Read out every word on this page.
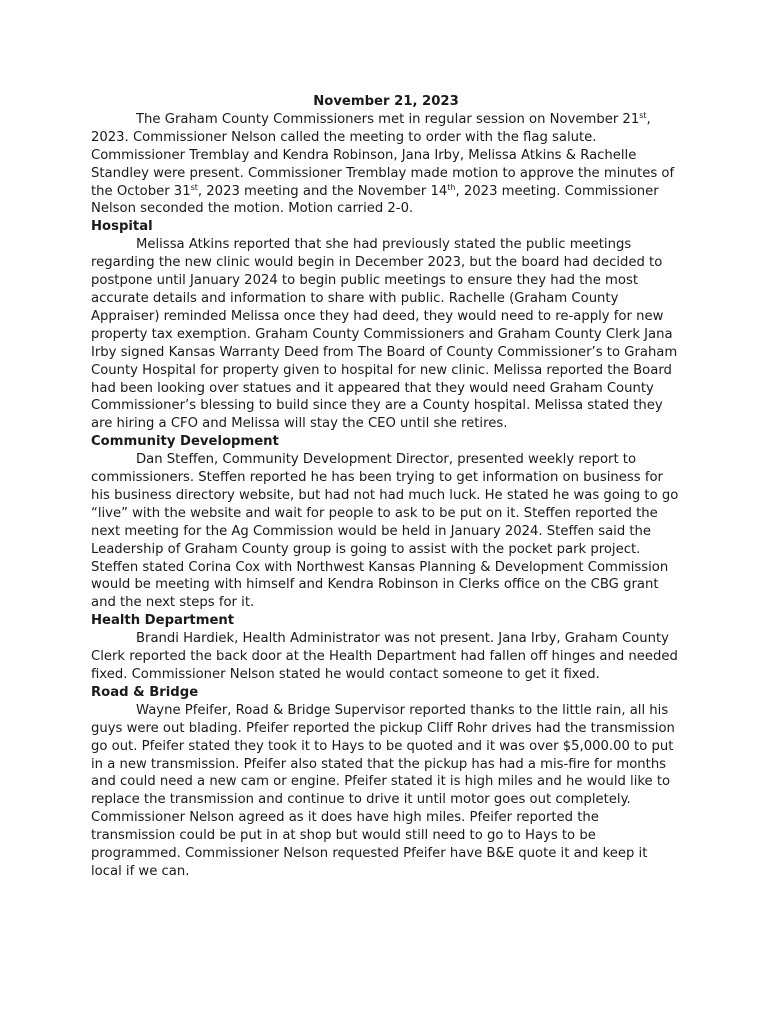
November 21, 2023

The Graham County Commissioners met in regular session on November 21st, 2023. Commissioner Nelson called the meeting to order with the flag salute. Commissioner Tremblay and Kendra Robinson, Jana Irby, Melissa Atkins & Rachelle Standley were present. Commissioner Tremblay made motion to approve the minutes of the October 31st, 2023 meeting and the November 14th, 2023 meeting. Commissioner Nelson seconded the motion. Motion carried 2-0.

Hospital

Melissa Atkins reported that she had previously stated the public meetings regarding the new clinic would begin in December 2023, but the board had decided to postpone until January 2024 to begin public meetings to ensure they had the most accurate details and information to share with public. Rachelle (Graham County Appraiser) reminded Melissa once they had deed, they would need to re-apply for new property tax exemption. Graham County Commissioners and Graham County Clerk Jana Irby signed Kansas Warranty Deed from The Board of County Commissioner’s to Graham County Hospital for property given to hospital for new clinic. Melissa reported the Board had been looking over statues and it appeared that they would need Graham County Commissioner’s blessing to build since they are a County hospital. Melissa stated they are hiring a CFO and Melissa will stay the CEO until she retires.

Community Development

Dan Steffen, Community Development Director, presented weekly report to commissioners. Steffen reported he has been trying to get information on business for his business directory website, but had not had much luck. He stated he was going to go “live” with the website and wait for people to ask to be put on it. Steffen reported the next meeting for the Ag Commission would be held in January 2024. Steffen said the Leadership of Graham County group is going to assist with the pocket park project. Steffen stated Corina Cox with Northwest Kansas Planning & Development Commission would be meeting with himself and Kendra Robinson in Clerks office on the CBG grant and the next steps for it.

Health Department

Brandi Hardiek, Health Administrator was not present. Jana Irby, Graham County Clerk reported the back door at the Health Department had fallen off hinges and needed fixed. Commissioner Nelson stated he would contact someone to get it fixed.

Road & Bridge

Wayne Pfeifer, Road & Bridge Supervisor reported thanks to the little rain, all his guys were out blading. Pfeifer reported the pickup Cliff Rohr drives had the transmission go out. Pfeifer stated they took it to Hays to be quoted and it was over $5,000.00 to put in a new transmission. Pfeifer also stated that the pickup has had a mis-fire for months and could need a new cam or engine. Pfeifer stated it is high miles and he would like to replace the transmission and continue to drive it until motor goes out completely. Commissioner Nelson agreed as it does have high miles. Pfeifer reported the transmission could be put in at shop but would still need to go to Hays to be programmed. Commissioner Nelson requested Pfeifer have B&E quote it and keep it local if we can.
